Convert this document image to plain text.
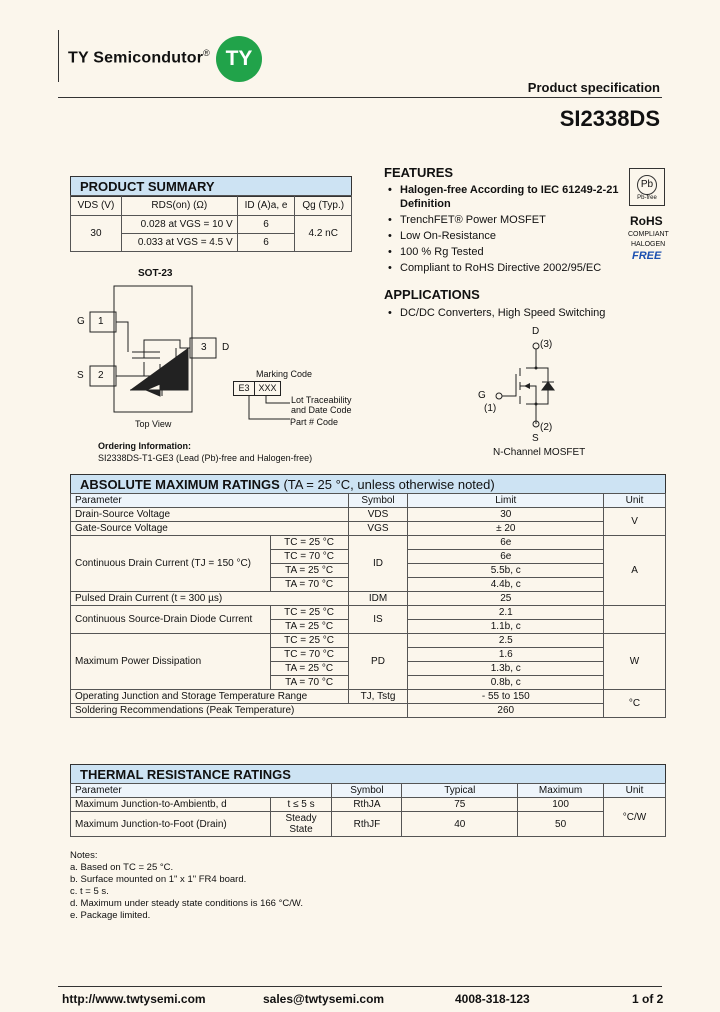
TY Semicondutor® TY
Product specification
SI2338DS
PRODUCT SUMMARY
VDS (V)	RDS(on) (Ω)	ID (A)a, e	Qg (Typ.)
30	0.028 at VGS = 10 V	6	4.2 nC
	0.033 at VGS = 4.5 V	6	
SOT-23
G 1
S 2
3 D
Top View
Marking Code
E3 XXX
Lot Traceability
and Date Code
Part # Code
Ordering Information:
SI2338DS-T1-GE3 (Lead (Pb)-free and Halogen-free)
FEATURES
• Halogen-free According to IEC 61249-2-21 Definition
• TrenchFET® Power MOSFET
• Low On-Resistance
• 100 % Rg Tested
• Compliant to RoHS Directive 2002/95/EC
Pb
Pb-free
RoHS
COMPLIANT
HALOGEN
FREE
APPLICATIONS
• DC/DC Converters, High Speed Switching
D
(3)
G
(1)
(2)
S
N-Channel MOSFET
ABSOLUTE MAXIMUM RATINGS (TA = 25 °C, unless otherwise noted)
Parameter		Symbol	Limit	Unit
Drain-Source Voltage		VDS	30	V
Gate-Source Voltage		VGS	± 20	
Continuous Drain Current (TJ = 150 °C)	TC = 25 °C	ID	6e	A
	TC = 70 °C		6e	
	TA = 25 °C		5.5b, c	
	TA = 70 °C		4.4b, c	
Pulsed Drain Current (t = 300 µs)		IDM	25	
Continuous Source-Drain Diode Current	TC = 25 °C	IS	2.1	
	TA = 25 °C		1.1b, c	
Maximum Power Dissipation	TC = 25 °C	PD	2.5	W
	TC = 70 °C		1.6	
	TA = 25 °C		1.3b, c	
	TA = 70 °C		0.8b, c	
Operating Junction and Storage Temperature Range		TJ, Tstg	- 55 to 150	°C
Soldering Recommendations (Peak Temperature)			260	
THERMAL RESISTANCE RATINGS
Parameter		Symbol	Typical	Maximum	Unit
Maximum Junction-to-Ambientb, d	t ≤ 5 s	RthJA	75	100	°C/W
Maximum Junction-to-Foot (Drain)	Steady State	RthJF	40	50	
Notes:
a. Based on TC = 25 °C.
b. Surface mounted on 1" x 1" FR4 board.
c. t = 5 s.
d. Maximum under steady state conditions is 166 °C/W.
e. Package limited.
http://www.twtysemi.com	sales@twtysemi.com	4008-318-123	1 of 2
